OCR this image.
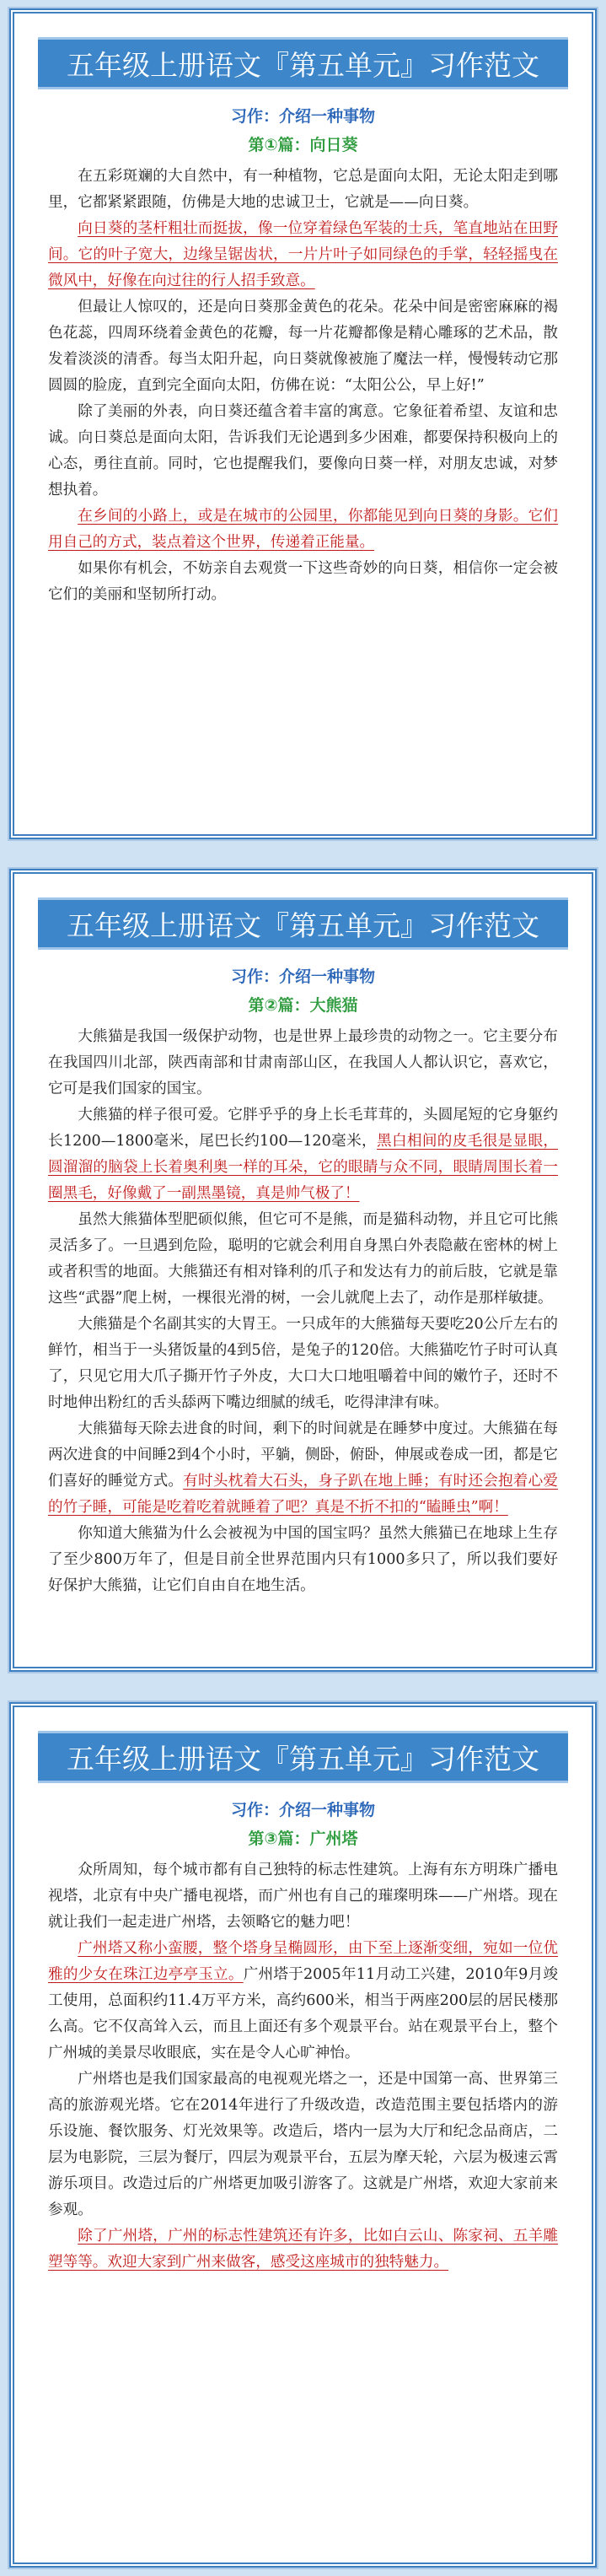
五年级上册语文『第五单元』习作范文
习作：介绍一种事物
第①篇：向日葵

在五彩斑斓的大自然中，有一种植物，它总是面向太阳，无论太阳走到哪里，它都紧紧跟随，仿佛是大地的忠诚卫士，它就是——向日葵。

向日葵的茎杆粗壮而挺拔，像一位穿着绿色军装的士兵，笔直地站在田野间。它的叶子宽大，边缘呈锯齿状，一片片叶子如同绿色的手掌，轻轻摇曳在微风中，好像在向过往的行人招手致意。

但最让人惊叹的，还是向日葵那金黄色的花朵。花朵中间是密密麻麻的褐色花蕊，四周环绕着金黄色的花瓣，每一片花瓣都像是精心雕琢的艺术品，散发着淡淡的清香。每当太阳升起，向日葵就像被施了魔法一样，慢慢转动它那圆圆的脸庞，直到完全面向太阳，仿佛在说：“太阳公公，早上好!”

除了美丽的外表，向日葵还蕴含着丰富的寓意。它象征着希望、友谊和忠诚。向日葵总是面向太阳，告诉我们无论遇到多少困难，都要保持积极向上的心态，勇往直前。同时，它也提醒我们，要像向日葵一样，对朋友忠诚，对梦想执着。

在乡间的小路上，或是在城市的公园里，你都能见到向日葵的身影。它们用自己的方式，装点着这个世界，传递着正能量。

如果你有机会，不妨亲自去观赏一下这些奇妙的向日葵，相信你一定会被它们的美丽和坚韧所打动。

五年级上册语文『第五单元』习作范文
习作：介绍一种事物
第②篇：大熊猫

大熊猫是我国一级保护动物，也是世界上最珍贵的动物之一。它主要分布在我国四川北部，陕西南部和甘肃南部山区，在我国人人都认识它，喜欢它，它可是我们国家的国宝。

大熊猫的样子很可爱。它胖乎乎的身上长毛茸茸的，头圆尾短的它身躯约长1200—1800毫米，尾巴长约100—120毫米，黑白相间的皮毛很是显眼，圆溜溜的脑袋上长着奥利奥一样的耳朵，它的眼睛与众不同，眼睛周围长着一圈黑毛，好像戴了一副黑墨镜，真是帅气极了！

虽然大熊猫体型肥硕似熊，但它可不是熊，而是猫科动物，并且它可比熊灵活多了。一旦遇到危险，聪明的它就会利用自身黑白外表隐蔽在密林的树上或者积雪的地面。大熊猫还有相对锋利的爪子和发达有力的前后肢，它就是靠这些“武器”爬上树，一棵很光滑的树，一会儿就爬上去了，动作是那样敏捷。

大熊猫是个名副其实的大胃王。一只成年的大熊猫每天要吃20公斤左右的鲜竹，相当于一头猪饭量的4到5倍，是兔子的120倍。大熊猫吃竹子时可认真了，只见它用大爪子撕开竹子外皮，大口大口地咀嚼着中间的嫩竹子，还时不时地伸出粉红的舌头舔两下嘴边细腻的绒毛，吃得津津有味。

大熊猫每天除去进食的时间，剩下的时间就是在睡梦中度过。大熊猫在每两次进食的中间睡2到4个小时，平躺，侧卧，俯卧，伸展或卷成一团，都是它们喜好的睡觉方式。有时头枕着大石头，身子趴在地上睡；有时还会抱着心爱的竹子睡，可能是吃着吃着就睡着了吧？真是不折不扣的“瞌睡虫”啊！

你知道大熊猫为什么会被视为中国的国宝吗？虽然大熊猫已在地球上生存了至少800万年了，但是目前全世界范围内只有1000多只了，所以我们要好好保护大熊猫，让它们自由自在地生活。

五年级上册语文『第五单元』习作范文
习作：介绍一种事物
第③篇：广州塔

众所周知，每个城市都有自己独特的标志性建筑。上海有东方明珠广播电视塔，北京有中央广播电视塔，而广州也有自己的璀璨明珠——广州塔。现在就让我们一起走进广州塔，去领略它的魅力吧！

广州塔又称小蛮腰，整个塔身呈椭圆形，由下至上逐渐变细，宛如一位优雅的少女在珠江边亭亭玉立。广州塔于2005年11月动工兴建，2010年9月竣工使用，总面积约11.4万平方米，高约600米，相当于两座200层的居民楼那么高。它不仅高耸入云，而且上面还有多个观景平台。站在观景平台上，整个广州城的美景尽收眼底，实在是令人心旷神怡。

广州塔也是我们国家最高的电视观光塔之一，还是中国第一高、世界第三高的旅游观光塔。它在2014年进行了升级改造，改造范围主要包括塔内的游乐设施、餐饮服务、灯光效果等。改造后，塔内一层为大厅和纪念品商店，二层为电影院，三层为餐厅，四层为观景平台，五层为摩天轮，六层为极速云霄游乐项目。改造过后的广州塔更加吸引游客了。这就是广州塔，欢迎大家前来参观。

除了广州塔，广州的标志性建筑还有许多，比如白云山、陈家祠、五羊雕塑等等。欢迎大家到广州来做客，感受这座城市的独特魅力。
